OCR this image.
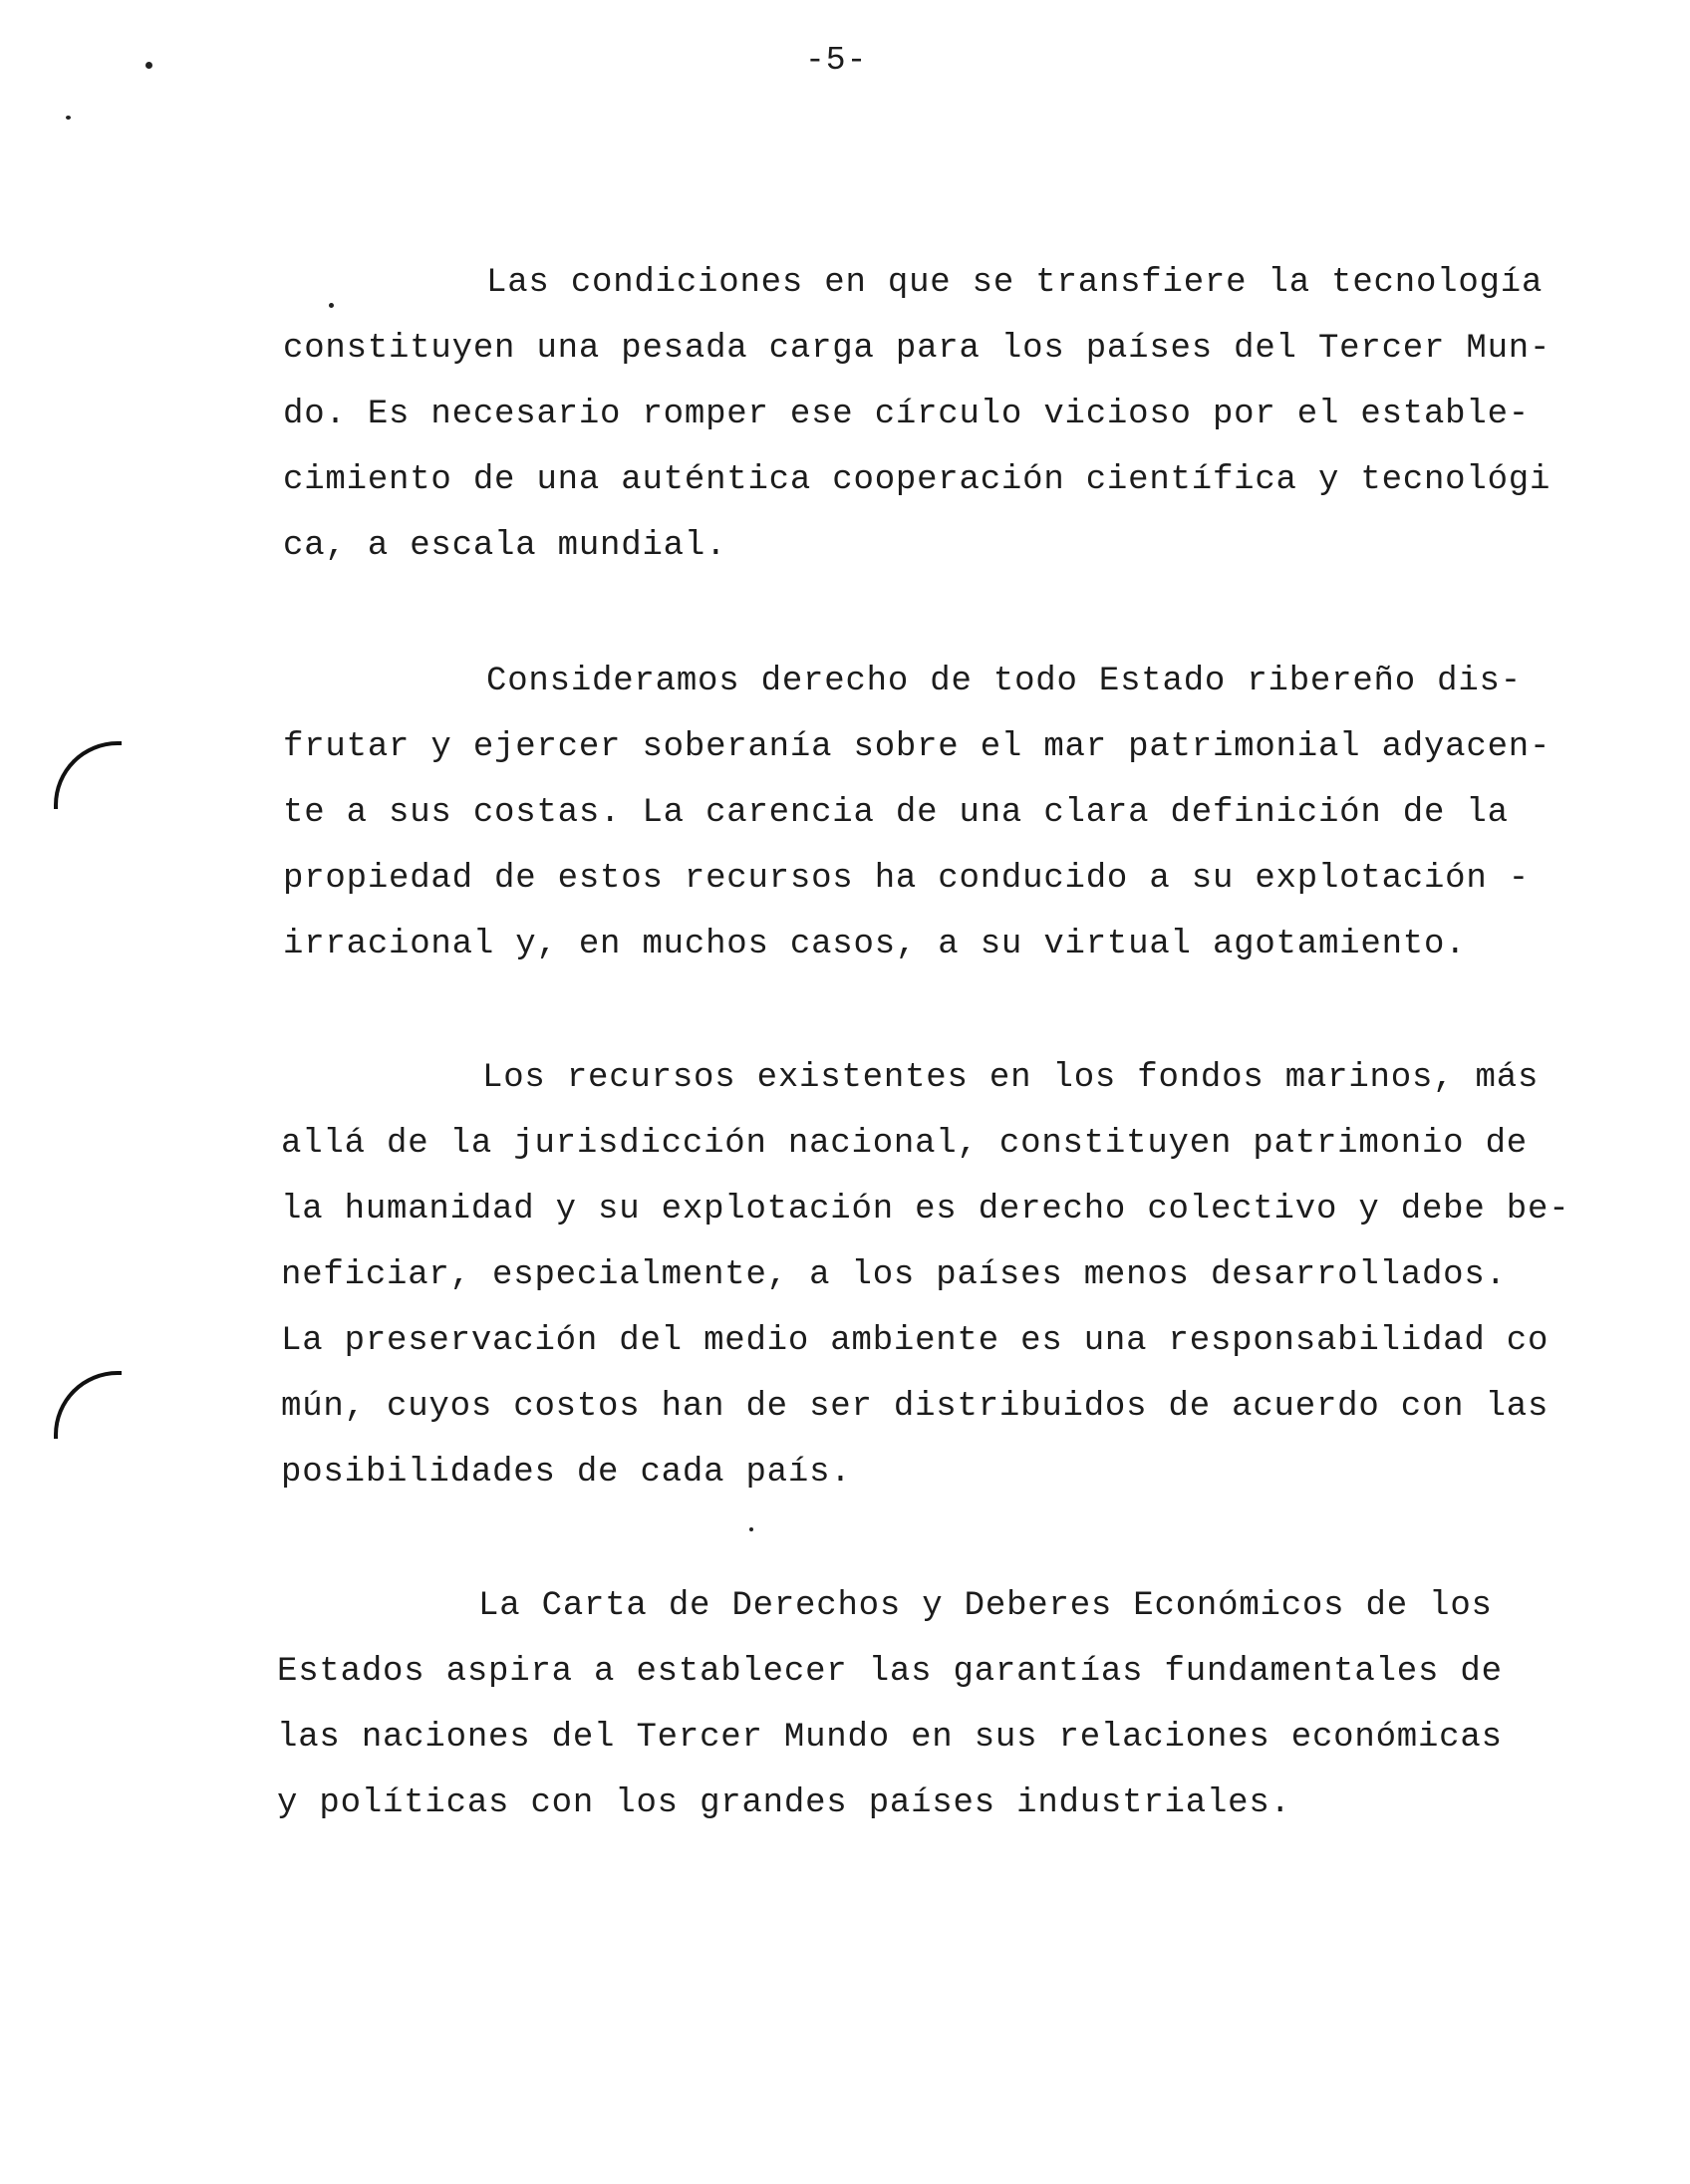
-5-
Las condiciones en que se transfiere la tecnología
constituyen una pesada carga para los países del Tercer Mun-
do. Es necesario romper ese círculo vicioso por el estable-
cimiento de una auténtica cooperación científica y tecnológi
ca, a escala mundial.
Consideramos derecho de todo Estado ribereño dis-
frutar y ejercer soberanía sobre el mar patrimonial adyacen-
te a sus costas. La carencia de una clara definición de la
propiedad de estos recursos ha conducido a su explotación -
irracional y, en muchos casos, a su virtual agotamiento.
Los recursos existentes en los fondos marinos, más
allá de la jurisdicción nacional, constituyen patrimonio de
la humanidad y su explotación es derecho colectivo y debe be-
neficiar, especialmente, a los países menos desarrollados.
La preservación del medio ambiente es una responsabilidad co
mún, cuyos costos han de ser distribuidos de acuerdo con las
posibilidades de cada país.
La Carta de Derechos y Deberes Económicos de los
Estados aspira a establecer las garantías fundamentales de
las naciones del Tercer Mundo en sus relaciones económicas
y políticas con los grandes países industriales.
